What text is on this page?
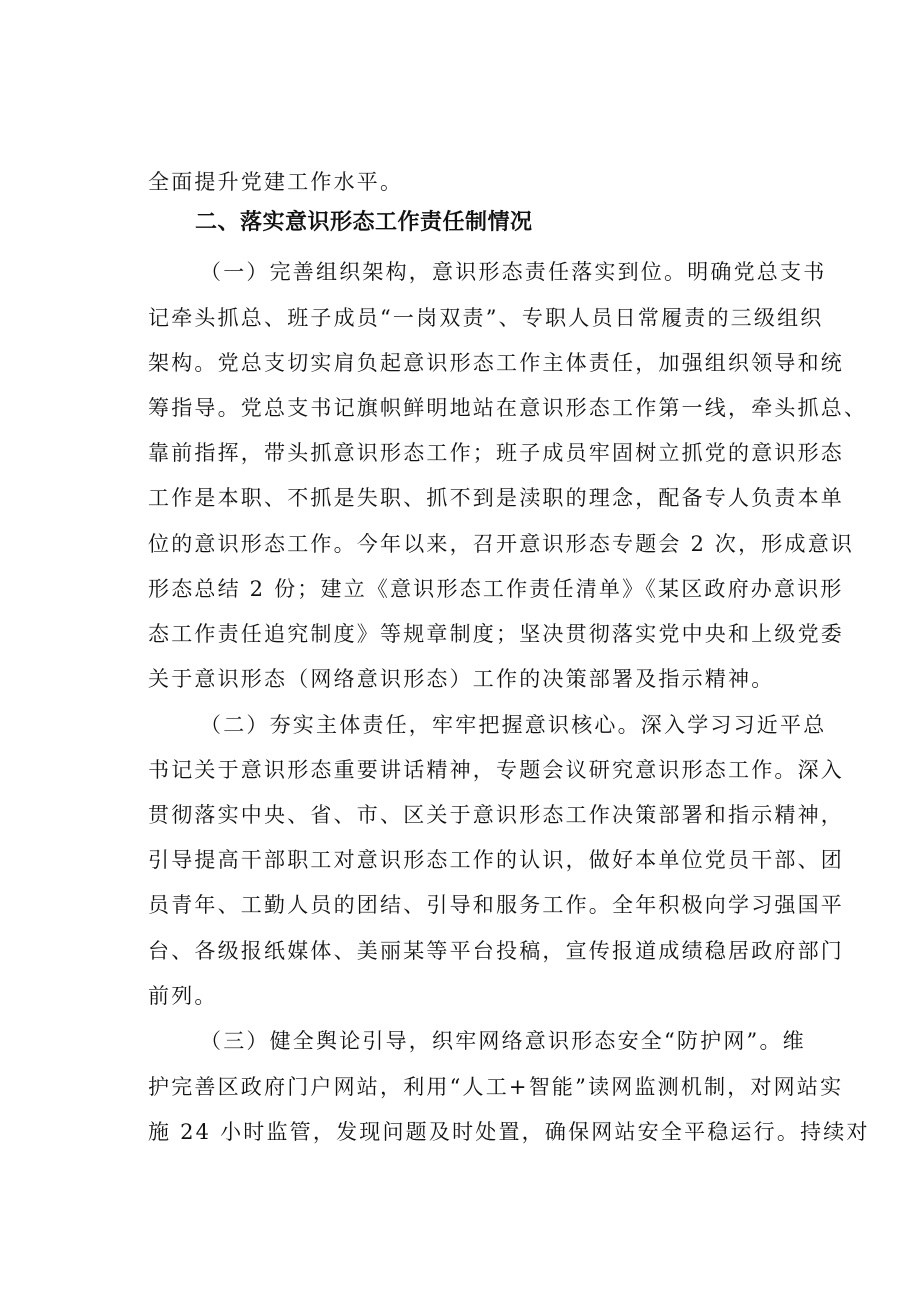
全面提升党建工作水平。
二、落实意识形态工作责任制情况
（一）完善组织架构，意识形态责任落实到位。明确党总支书
记牵头抓总、班子成员“一岗双责”、专职人员日常履责的三级组织
架构。党总支切实肩负起意识形态工作主体责任，加强组织领导和统
筹指导。党总支书记旗帜鲜明地站在意识形态工作第一线，牵头抓总、
靠前指挥，带头抓意识形态工作；班子成员牢固树立抓党的意识形态
工作是本职、不抓是失职、抓不到是渎职的理念，配备专人负责本单
位的意识形态工作。今年以来，召开意识形态专题会 2 次，形成意识
形态总结 2 份；建立《意识形态工作责任清单》《某区政府办意识形
态工作责任追究制度》等规章制度；坚决贯彻落实党中央和上级党委
关于意识形态（网络意识形态）工作的决策部署及指示精神。
（二）夯实主体责任，牢牢把握意识核心。深入学习习近平总
书记关于意识形态重要讲话精神，专题会议研究意识形态工作。深入
贯彻落实中央、省、市、区关于意识形态工作决策部署和指示精神，
引导提高干部职工对意识形态工作的认识，做好本单位党员干部、团
员青年、工勤人员的团结、引导和服务工作。全年积极向学习强国平
台、各级报纸媒体、美丽某等平台投稿，宣传报道成绩稳居政府部门
前列。
（三）健全舆论引导，织牢网络意识形态安全“防护网”。维
护完善区政府门户网站，利用“人工+智能”读网监测机制，对网站实
施 24 小时监管，发现问题及时处置，确保网站安全平稳运行。持续对
